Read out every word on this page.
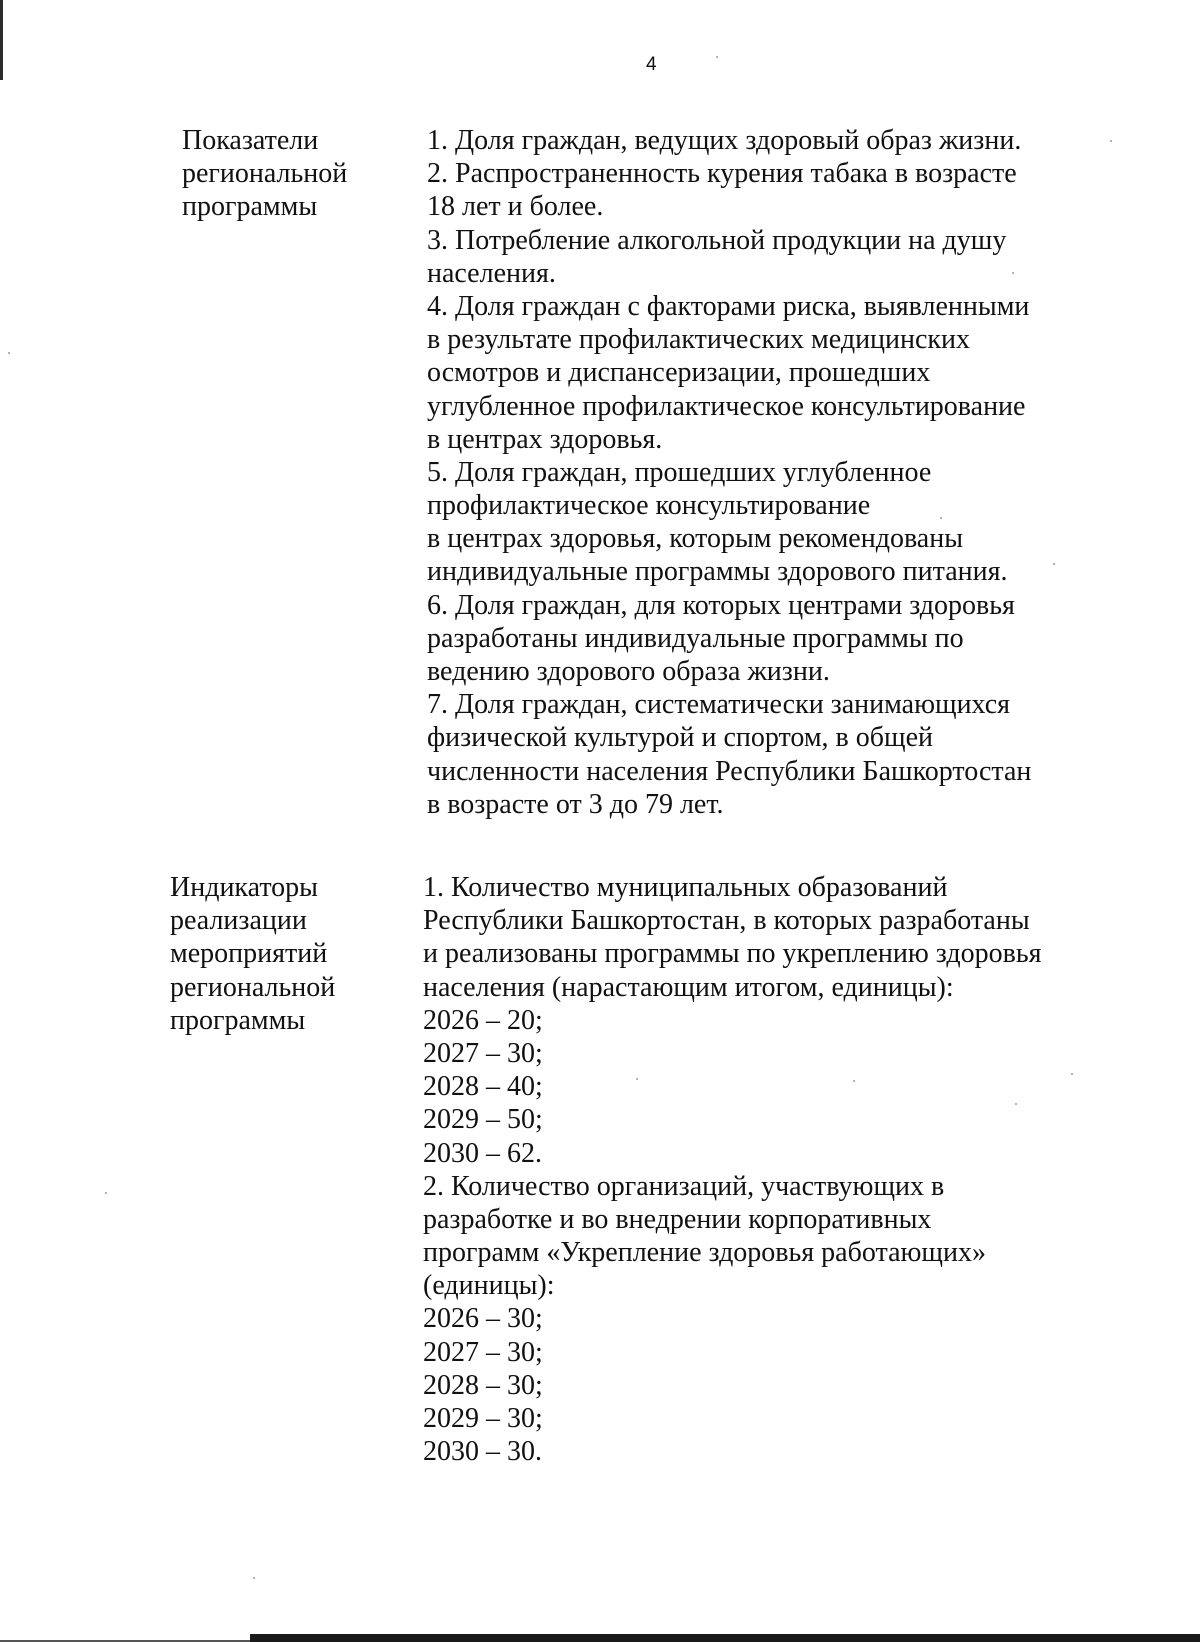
4
Показатели
региональной
программы
1. Доля граждан, ведущих здоровый образ жизни.
2. Распространенность курения табака в возрасте
18 лет и более.
3. Потребление алкогольной продукции на душу
населения.
4. Доля граждан с факторами риска, выявленными
в результате профилактических медицинских
осмотров и диспансеризации, прошедших
углубленное профилактическое консультирование
в центрах здоровья.
5. Доля граждан, прошедших углубленное
профилактическое консультирование
в центрах здоровья, которым рекомендованы
индивидуальные программы здорового питания.
6. Доля граждан, для которых центрами здоровья
разработаны индивидуальные программы по
ведению здорового образа жизни.
7. Доля граждан, систематически занимающихся
физической культурой и спортом, в общей
численности населения Республики Башкортостан
в возрасте от 3 до 79 лет.
Индикаторы
реализации
мероприятий
региональной
программы
1. Количество муниципальных образований
Республики Башкортостан, в которых разработаны
и реализованы программы по укреплению здоровья
населения (нарастающим итогом, единицы):
2026 – 20;
2027 – 30;
2028 – 40;
2029 – 50;
2030 – 62.
2. Количество организаций, участвующих в
разработке и во внедрении корпоративных
программ «Укрепление здоровья работающих»
(единицы):
2026 – 30;
2027 – 30;
2028 – 30;
2029 – 30;
2030 – 30.
